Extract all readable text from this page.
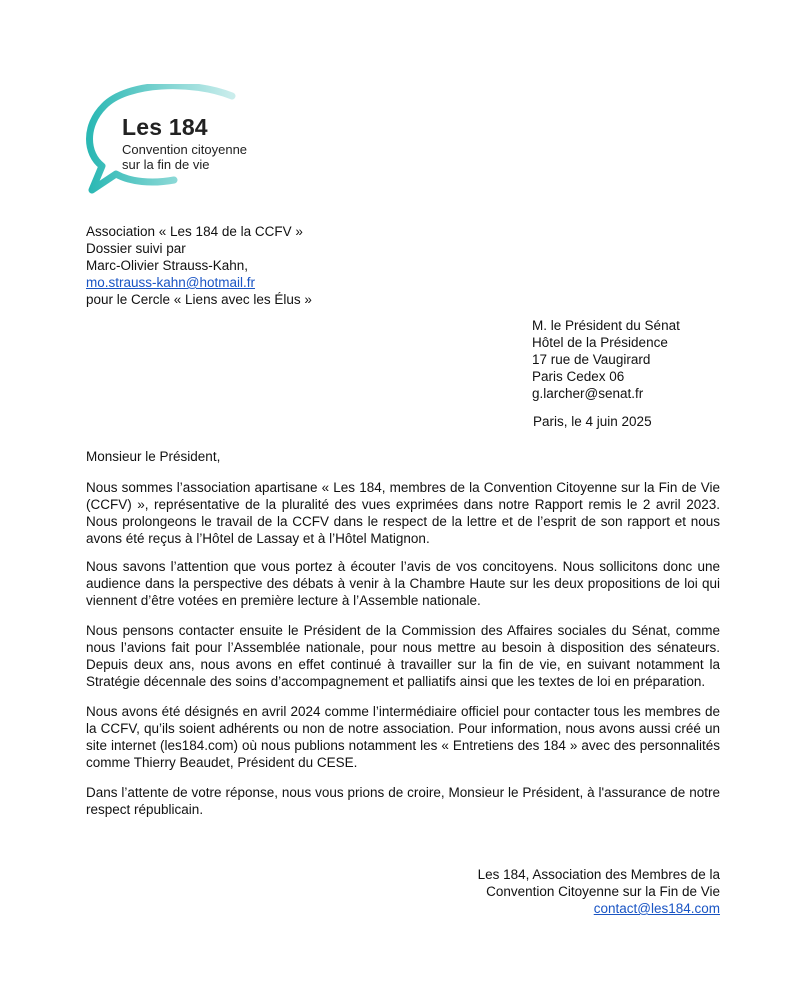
Les 184
Convention citoyenne
sur la fin de vie
Association « Les 184 de la CCFV »
Dossier suivi par
Marc-Olivier Strauss-Kahn,
mo.strauss-kahn@hotmail.fr
pour le Cercle « Liens avec les Élus »
M. le Président du Sénat
Hôtel de la Présidence
17 rue de Vaugirard
Paris Cedex 06
g.larcher@senat.fr
Paris, le 4 juin 2025

Monsieur le Président,

Nous sommes l’association apartisane « Les 184, membres de la Convention Citoyenne sur la Fin de Vie (CCFV) », représentative de la pluralité des vues exprimées dans notre Rapport remis le 2 avril 2023. Nous prolongeons le travail de la CCFV dans le respect de la lettre et de l’esprit de son rapport et nous avons été reçus à l’Hôtel de Lassay et à l’Hôtel Matignon.

Nous savons l’attention que vous portez à écouter l’avis de vos concitoyens. Nous sollicitons donc une audience dans la perspective des débats à venir à la Chambre Haute sur les deux propositions de loi qui viennent d’être votées en première lecture à l’Assemble nationale.

Nous pensons contacter ensuite le Président de la Commission des Affaires sociales du Sénat, comme nous l’avions fait pour l’Assemblée nationale, pour nous mettre au besoin à disposition des sénateurs. Depuis deux ans, nous avons en effet continué à travailler sur la fin de vie, en suivant notamment la Stratégie décennale des soins d’accompagnement et palliatifs ainsi que les textes de loi en préparation.

Nous avons été désignés en avril 2024 comme l’intermédiaire officiel pour contacter tous les membres de la CCFV, qu’ils soient adhérents ou non de notre association. Pour information, nous avons aussi créé un site internet (les184.com) où nous publions notamment les « Entretiens des 184 » avec des personnalités comme Thierry Beaudet, Président du CESE.

Dans l’attente de votre réponse, nous vous prions de croire, Monsieur le Président, à l'assurance de notre respect républicain.

Les 184, Association des Membres de la
Convention Citoyenne sur la Fin de Vie
contact@les184.com
